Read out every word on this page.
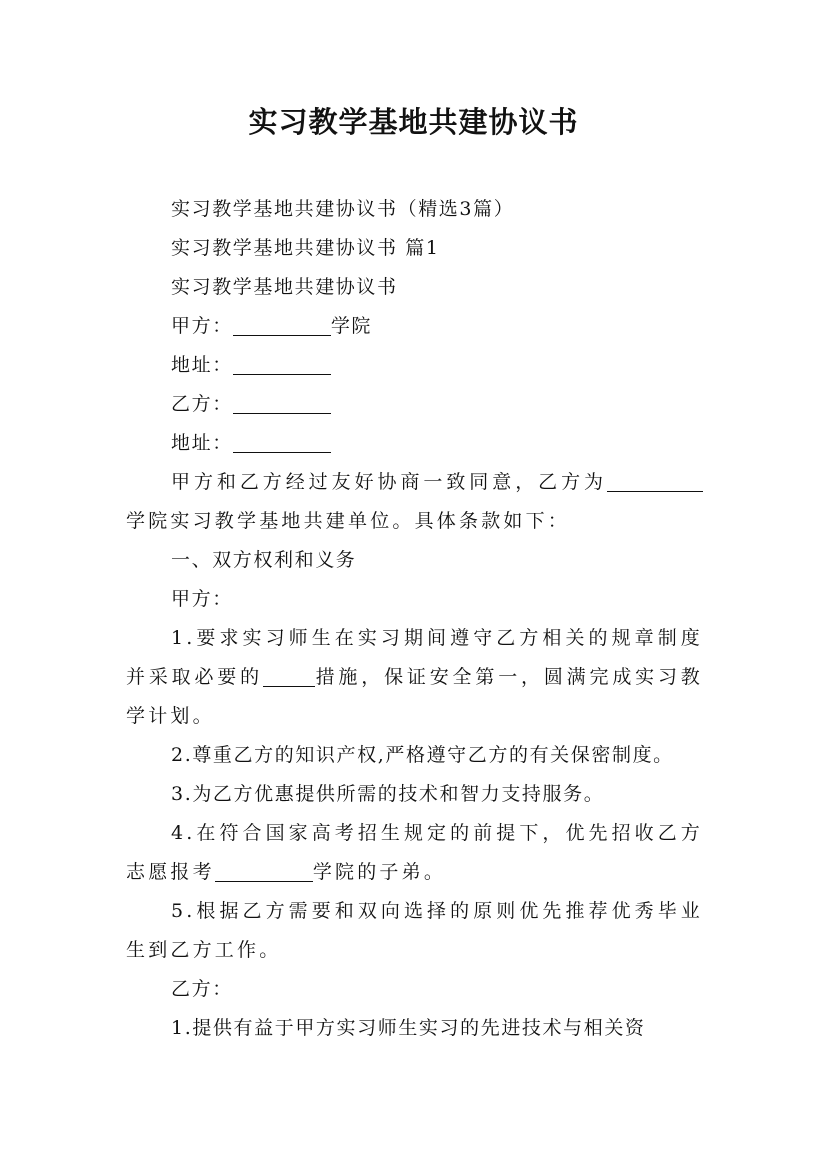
实习教学基地共建协议书
实习教学基地共建协议书（精选3篇）
实习教学基地共建协议书 篇1
实习教学基地共建协议书
甲方：	学院
地址：
乙方：
地址：
甲方和乙方经过友好协商一致同意，乙方为学院实习教学基地共建单位。具体条款如下：
一、双方权利和义务
甲方：
1.要求实习师生在实习期间遵守乙方相关的规章制度并采取必要的	措施，保证安全第一，圆满完成实习教学计划。
2.尊重乙方的知识产权,严格遵守乙方的有关保密制度。
3.为乙方优惠提供所需的技术和智力支持服务。
4.在符合国家高考招生规定的前提下，优先招收乙方志愿报考	学院的子弟。
5.根据乙方需要和双向选择的原则优先推荐优秀毕业生到乙方工作。
乙方：
1.提供有益于甲方实习师生实习的先进技术与相关资
